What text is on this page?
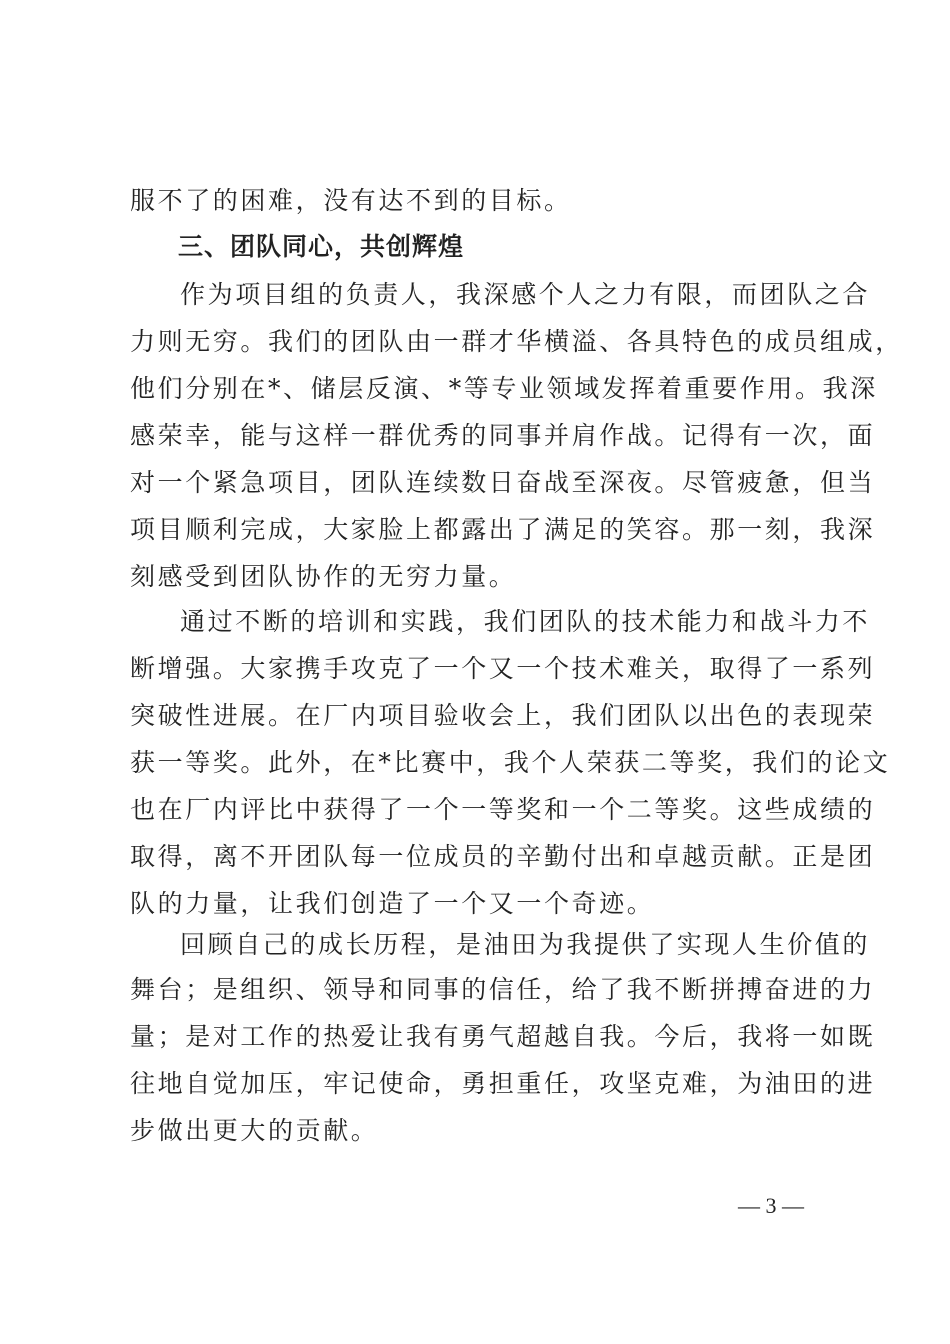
服不了的困难，没有达不到的目标。
三、团队同心，共创辉煌
作为项目组的负责人，我深感个人之力有限，而团队之合
力则无穷。我们的团队由一群才华横溢、各具特色的成员组成，
他们分别在*、储层反演、*等专业领域发挥着重要作用。我深
感荣幸，能与这样一群优秀的同事并肩作战。记得有一次，面
对一个紧急项目，团队连续数日奋战至深夜。尽管疲惫，但当
项目顺利完成，大家脸上都露出了满足的笑容。那一刻，我深
刻感受到团队协作的无穷力量。
通过不断的培训和实践，我们团队的技术能力和战斗力不
断增强。大家携手攻克了一个又一个技术难关，取得了一系列
突破性进展。在厂内项目验收会上，我们团队以出色的表现荣
获一等奖。此外，在*比赛中，我个人荣获二等奖，我们的论文
也在厂内评比中获得了一个一等奖和一个二等奖。这些成绩的
取得，离不开团队每一位成员的辛勤付出和卓越贡献。正是团
队的力量，让我们创造了一个又一个奇迹。
回顾自己的成长历程，是油田为我提供了实现人生价值的
舞台；是组织、领导和同事的信任，给了我不断拼搏奋进的力
量；是对工作的热爱让我有勇气超越自我。今后，我将一如既
往地自觉加压，牢记使命，勇担重任，攻坚克难，为油田的进
步做出更大的贡献。
— 3 —
